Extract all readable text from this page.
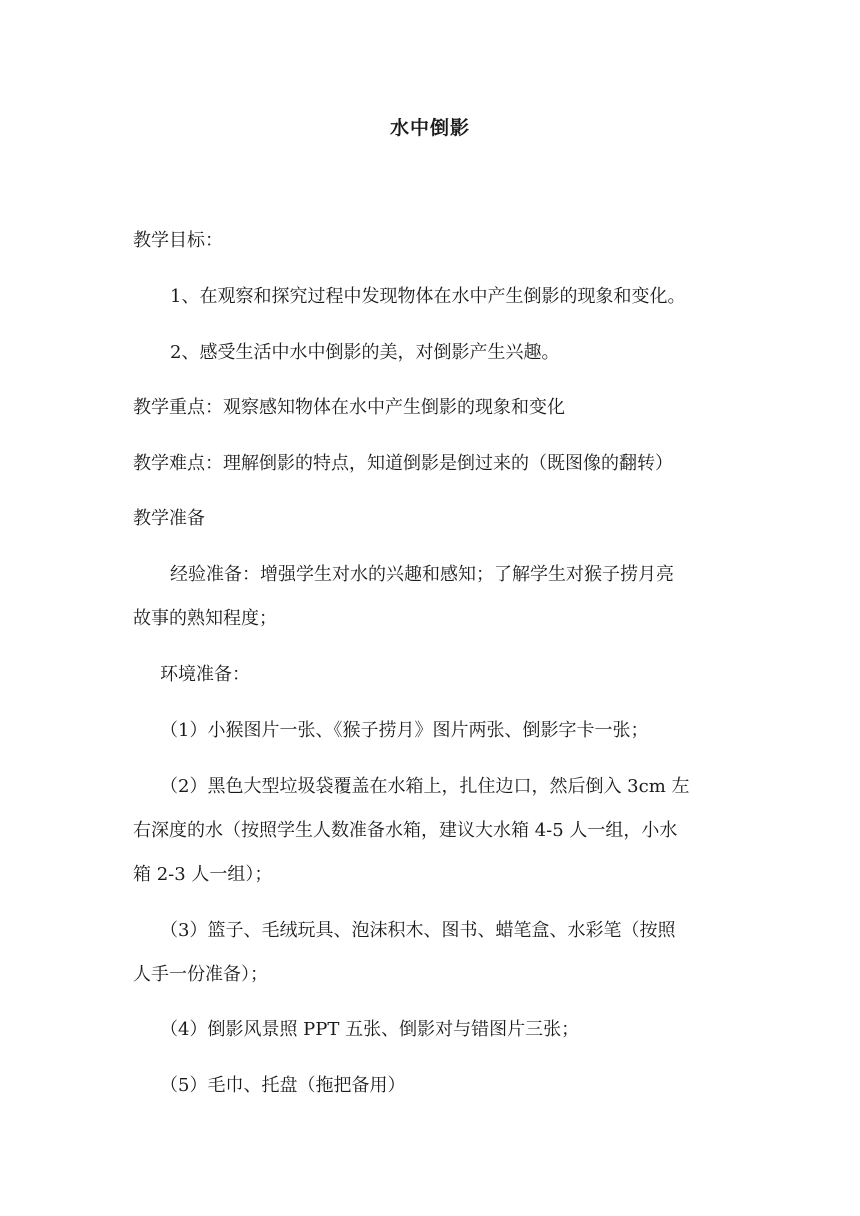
水中倒影
教学目标：
1、在观察和探究过程中发现物体在水中产生倒影的现象和变化。
2、感受生活中水中倒影的美，对倒影产生兴趣。
教学重点：观察感知物体在水中产生倒影的现象和变化
教学难点：理解倒影的特点，知道倒影是倒过来的（既图像的翻转）
教学准备
经验准备：增强学生对水的兴趣和感知；了解学生对猴子捞月亮
故事的熟知程度；
环境准备：
（1）小猴图片一张、《猴子捞月》图片两张、倒影字卡一张；
（2）黑色大型垃圾袋覆盖在水箱上，扎住边口，然后倒入 3cm 左
右深度的水（按照学生人数准备水箱，建议大水箱 4-5 人一组，小水
箱 2-3 人一组）；
（3）篮子、毛绒玩具、泡沫积木、图书、蜡笔盒、水彩笔（按照
人手一份准备）；
（4）倒影风景照 PPT 五张、倒影对与错图片三张；
（5）毛巾、托盘（拖把备用）
